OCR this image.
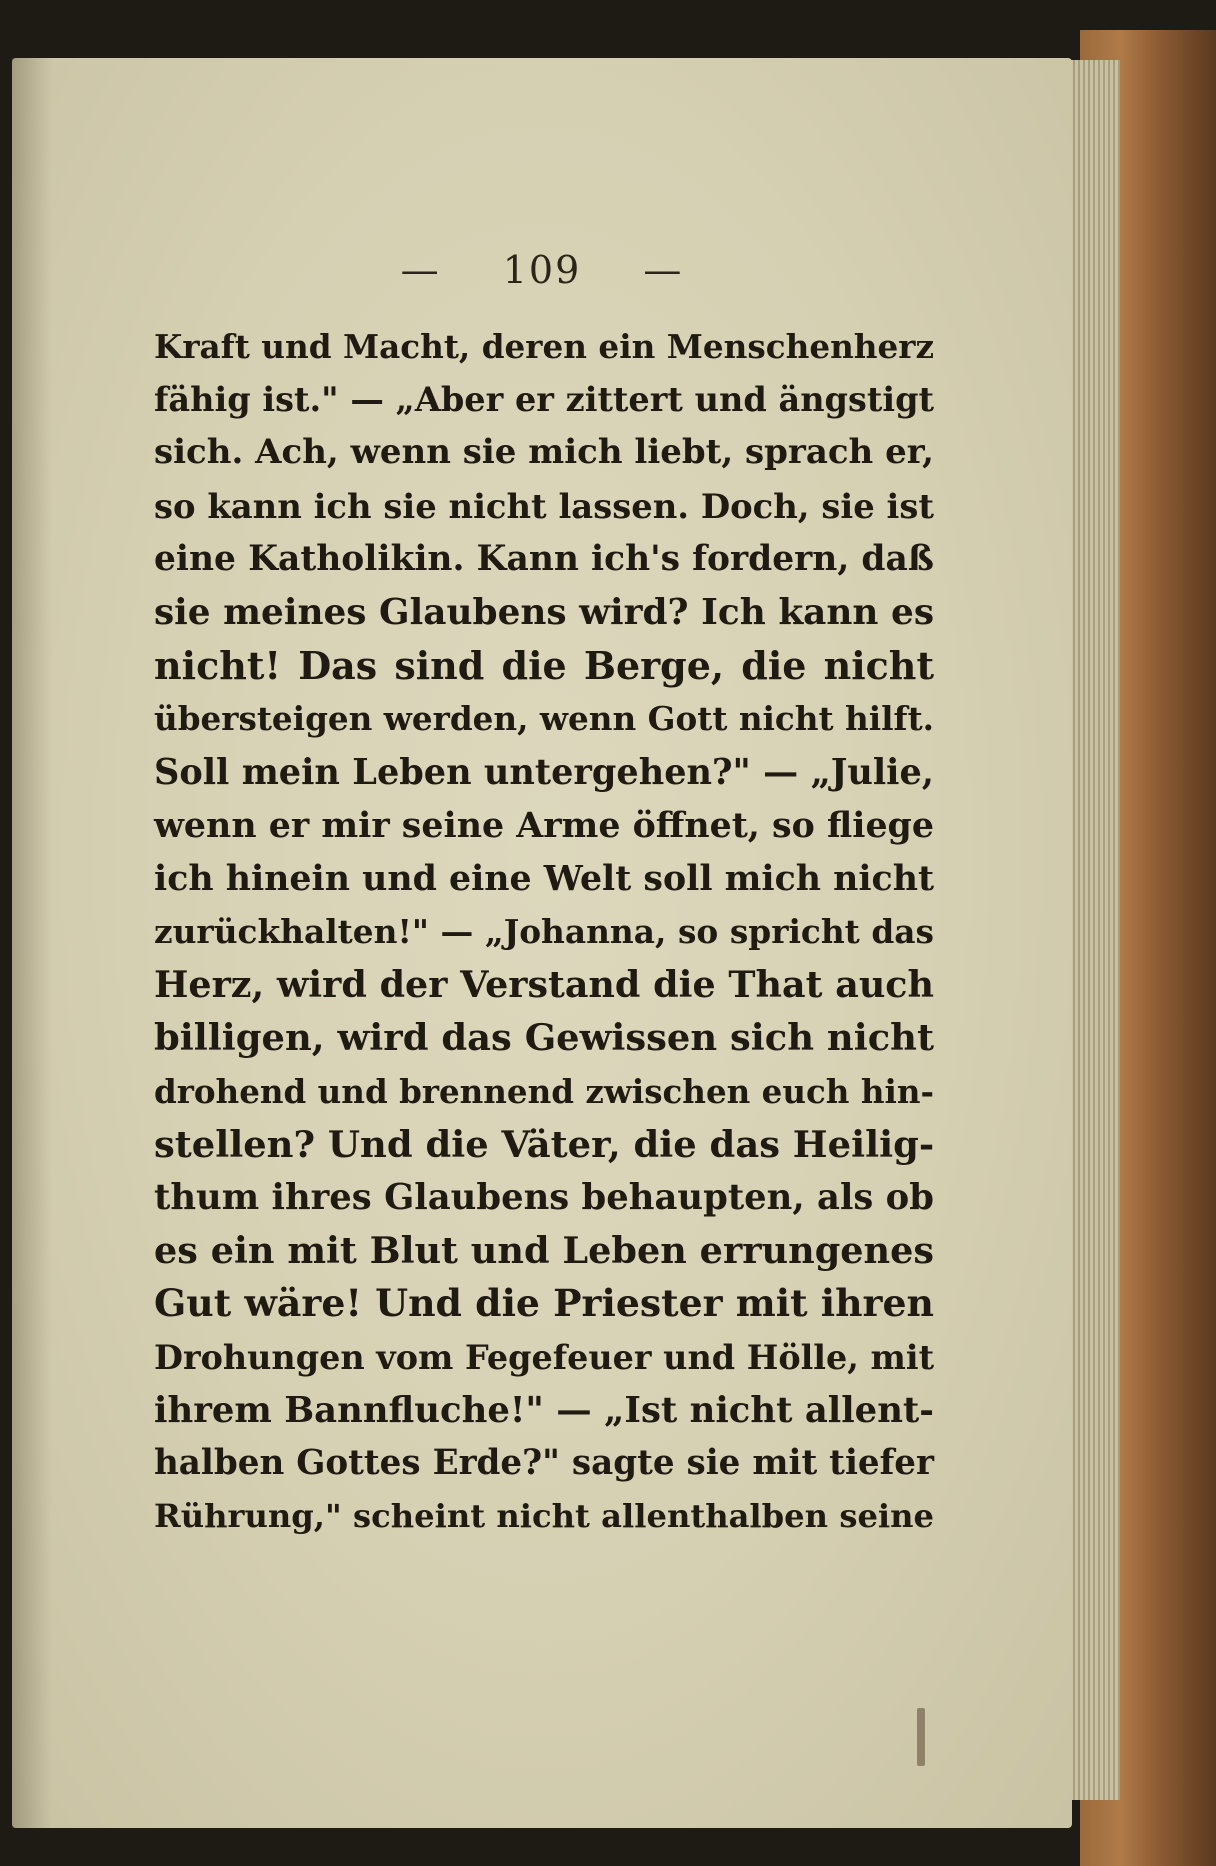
— 109 —
Kraft und Macht, deren ein Menschenherz
fähig ist." — „Aber er zittert und ängstigt
sich. Ach, wenn sie mich liebt, sprach er,
so kann ich sie nicht lassen. Doch, sie ist
eine Katholikin. Kann ich's fordern, daß
sie meines Glaubens wird? Ich kann es
nicht! Das sind die Berge, die nicht
übersteigen werden, wenn Gott nicht hilft.
Soll mein Leben untergehen?" — „Julie,
wenn er mir seine Arme öffnet, so fliege
ich hinein und eine Welt soll mich nicht
zurückhalten!" — „Johanna, so spricht das
Herz, wird der Verstand die That auch
billigen, wird das Gewissen sich nicht
drohend und brennend zwischen euch hin-
stellen? Und die Väter, die das Heilig-
thum ihres Glaubens behaupten, als ob
es ein mit Blut und Leben errungenes
Gut wäre! Und die Priester mit ihren
Drohungen vom Fegefeuer und Hölle, mit
ihrem Bannfluche!" — „Ist nicht allent-
halben Gottes Erde?" sagte sie mit tiefer
Rührung," scheint nicht allenthalben seine
